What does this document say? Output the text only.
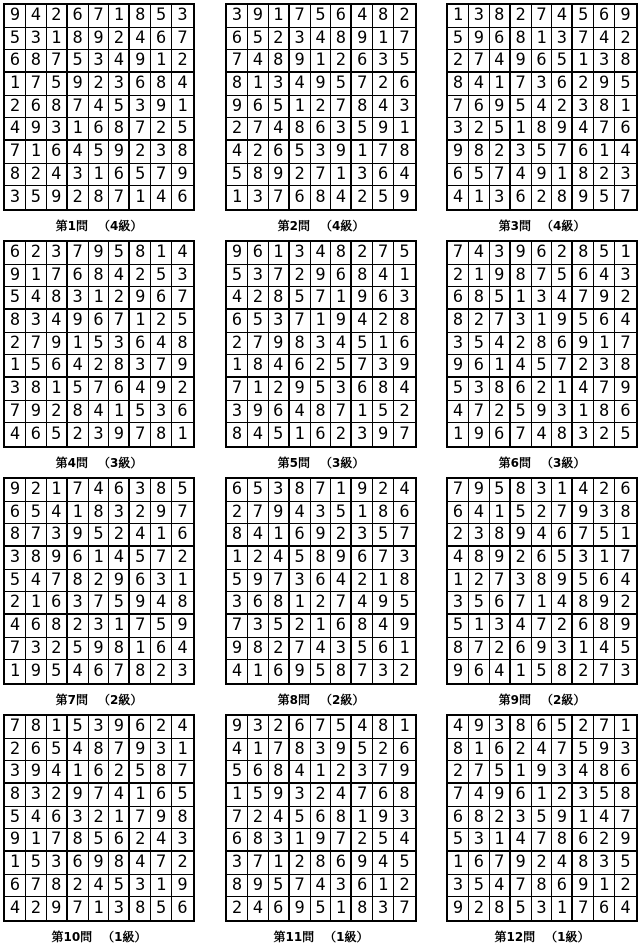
9 4 2 6 7 1 8 5 3
5 3 1 8 9 2 4 6 7
6 8 7 5 3 4 9 1 2
1 7 5 9 2 3 6 8 4
2 6 8 7 4 5 3 9 1
4 9 3 1 6 8 7 2 5
7 1 6 4 5 9 2 3 8
8 2 4 3 1 6 5 7 9
3 5 9 2 8 7 1 4 6
第1問 （4級）
3 9 1 7 5 6 4 8 2
6 5 2 3 4 8 9 1 7
7 4 8 9 1 2 6 3 5
8 1 3 4 9 5 7 2 6
9 6 5 1 2 7 8 4 3
2 7 4 8 6 3 5 9 1
4 2 6 5 3 9 1 7 8
5 8 9 2 7 1 3 6 4
1 3 7 6 8 4 2 5 9
第2問 （4級）
1 3 8 2 7 4 5 6 9
5 9 6 8 1 3 7 4 2
2 7 4 9 6 5 1 3 8
8 4 1 7 3 6 2 9 5
7 6 9 5 4 2 3 8 1
3 2 5 1 8 9 4 7 6
9 8 2 3 5 7 6 1 4
6 5 7 4 9 1 8 2 3
4 1 3 6 2 8 9 5 7
第3問 （4級）
6 2 3 7 9 5 8 1 4
9 1 7 6 8 4 2 5 3
5 4 8 3 1 2 9 6 7
8 3 4 9 6 7 1 2 5
2 7 9 1 5 3 6 4 8
1 5 6 4 2 8 3 7 9
3 8 1 5 7 6 4 9 2
7 9 2 8 4 1 5 3 6
4 6 5 2 3 9 7 8 1
第4問 （3級）
9 6 1 3 4 8 2 7 5
5 3 7 2 9 6 8 4 1
4 2 8 5 7 1 9 6 3
6 5 3 7 1 9 4 2 8
2 7 9 8 3 4 5 1 6
1 8 4 6 2 5 7 3 9
7 1 2 9 5 3 6 8 4
3 9 6 4 8 7 1 5 2
8 4 5 1 6 2 3 9 7
第5問 （3級）
7 4 3 9 6 2 8 5 1
2 1 9 8 7 5 6 4 3
6 8 5 1 3 4 7 9 2
8 2 7 3 1 9 5 6 4
3 5 4 2 8 6 9 1 7
9 6 1 4 5 7 2 3 8
5 3 8 6 2 1 4 7 9
4 7 2 5 9 3 1 8 6
1 9 6 7 4 8 3 2 5
第6問 （3級）
9 2 1 7 4 6 3 8 5
6 5 4 1 8 3 2 9 7
8 7 3 9 5 2 4 1 6
3 8 9 6 1 4 5 7 2
5 4 7 8 2 9 6 3 1
2 1 6 3 7 5 9 4 8
4 6 8 2 3 1 7 5 9
7 3 2 5 9 8 1 6 4
1 9 5 4 6 7 8 2 3
第7問 （2級）
6 5 3 8 7 1 9 2 4
2 7 9 4 3 5 1 8 6
8 4 1 6 9 2 3 5 7
1 2 4 5 8 9 6 7 3
5 9 7 3 6 4 2 1 8
3 6 8 1 2 7 4 9 5
7 3 5 2 1 6 8 4 9
9 8 2 7 4 3 5 6 1
4 1 6 9 5 8 7 3 2
第8問 （2級）
7 9 5 8 3 1 4 2 6
6 4 1 5 2 7 9 3 8
2 3 8 9 4 6 7 5 1
4 8 9 2 6 5 3 1 7
1 2 7 3 8 9 5 6 4
3 5 6 7 1 4 8 9 2
5 1 3 4 7 2 6 8 9
8 7 2 6 9 3 1 4 5
9 6 4 1 5 8 2 7 3
第9問 （2級）
7 8 1 5 3 9 6 2 4
2 6 5 4 8 7 9 3 1
3 9 4 1 6 2 5 8 7
8 3 2 9 7 4 1 6 5
5 4 6 3 2 1 7 9 8
9 1 7 8 5 6 2 4 3
1 5 3 6 9 8 4 7 2
6 7 8 2 4 5 3 1 9
4 2 9 7 1 3 8 5 6
第10問 （1級）
9 3 2 6 7 5 4 8 1
4 1 7 8 3 9 5 2 6
5 6 8 4 1 2 3 7 9
1 5 9 3 2 4 7 6 8
7 2 4 5 6 8 1 9 3
6 8 3 1 9 7 2 5 4
3 7 1 2 8 6 9 4 5
8 9 5 7 4 3 6 1 2
2 4 6 9 5 1 8 3 7
第11問 （1級）
4 9 3 8 6 5 2 7 1
8 1 6 2 4 7 5 9 3
2 7 5 1 9 3 4 8 6
7 4 9 6 1 2 3 5 8
6 8 2 3 5 9 1 4 7
5 3 1 4 7 8 6 2 9
1 6 7 9 2 4 8 3 5
3 5 4 7 8 6 9 1 2
9 2 8 5 3 1 7 6 4
第12問 （1級）
